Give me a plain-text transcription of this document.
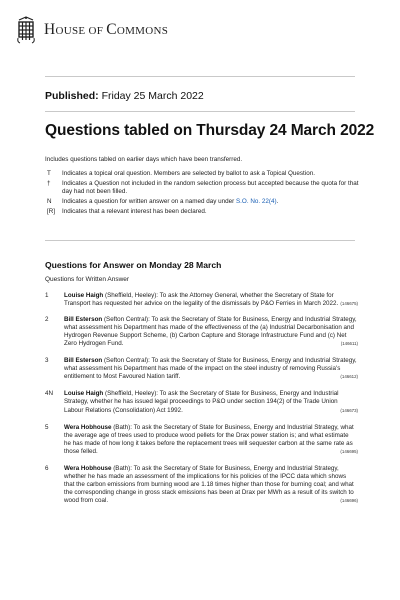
HOUSE OF COMMONS
Published: Friday 25 March 2022
Questions tabled on Thursday 24 March 2022
Includes questions tabled on earlier days which have been transferred.
T	Indicates a topical oral question. Members are selected by ballot to ask a Topical Question.
†	Indicates a Question not included in the random selection process but accepted because the quota for that day had not been filled.
N	Indicates a question for written answer on a named day under S.O. No. 22(4).
[R]	Indicates that a relevant interest has been declared.
Questions for Answer on Monday 28 March
Questions for Written Answer
1	Louise Haigh (Sheffield, Heeley): To ask the Attorney General, whether the Secretary of State for Transport has requested her advice on the legality of the dismissals by P&O Ferries in March 2022. (146675)
2	Bill Esterson (Sefton Central): To ask the Secretary of State for Business, Energy and Industrial Strategy, what assessment his Department has made of the effectiveness of the (a) Industrial Decarbonisation and Hydrogen Revenue Support Scheme, (b) Carbon Capture and Storage Infrastructure Fund and (c) Net Zero Hydrogen Fund.	(146611)
3	Bill Esterson (Sefton Central): To ask the Secretary of State for Business, Energy and Industrial Strategy, what assessment his Department has made of the impact on the steel industry of removing Russia's entitlement to Most Favoured Nation tariff.	(146612)
4N	Louise Haigh (Sheffield, Heeley): To ask the Secretary of State for Business, Energy and Industrial Strategy, whether he has issued legal proceedings to P&O under section 194(2) of the Trade Union Labour Relations (Consolidation) Act 1992.	(146673)
5	Wera Hobhouse (Bath): To ask the Secretary of State for Business, Energy and Industrial Strategy, what the average age of trees used to produce wood pellets for the Drax power station is; and what estimate he has made of how long it takes before the replacement trees will sequester carbon at the same rate as those felled.	(146695)
6	Wera Hobhouse (Bath): To ask the Secretary of State for Business, Energy and Industrial Strategy, whether he has made an assessment of the implications for his policies of the IPCC data which shows that the carbon emissions from burning wood are 1.18 times higher than those for burning coal; and what the corresponding change in gross stack emissions has been at Drax per MWh as a result of its switch to wood from coal.	(146696)
